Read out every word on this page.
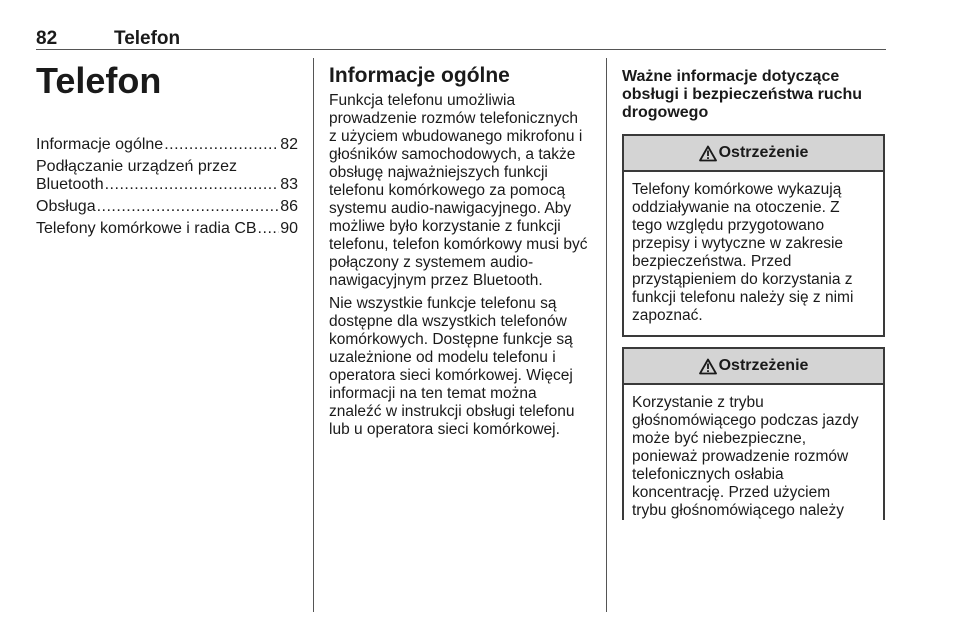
82	Telefon
Telefon
Informacje ogólne .....	82
Podłączanie urządzeń przez
Bluetooth .....	83
Obsługa .....	86
Telefony komórkowe i radia CB ..... 90
Informacje ogólne
Funkcja telefonu umożliwia
prowadzenie rozmów telefonicznych
z użyciem wbudowanego mikrofonu i
głośników samochodowych, a także
obsługę najważniejszych funkcji
telefonu komórkowego za pomocą
systemu audio-nawigacyjnego. Aby
możliwe było korzystanie z funkcji
telefonu, telefon komórkowy musi być
połączony z systemem audio-
nawigacyjnym przez Bluetooth.
Nie wszystkie funkcje telefonu są
dostępne dla wszystkich telefonów
komórkowych. Dostępne funkcje są
uzależnione od modelu telefonu i
operatora sieci komórkowej. Więcej
informacji na ten temat można
znaleźć w instrukcji obsługi telefonu
lub u operatora sieci komórkowej.
Ważne informacje dotyczące
obsługi i bezpieczeństwa ruchu
drogowego
Ostrzeżenie
Telefony komórkowe wykazują
oddziaływanie na otoczenie. Z
tego względu przygotowano
przepisy i wytyczne w zakresie
bezpieczeństwa. Przed
przystąpieniem do korzystania z
funkcji telefonu należy się z nimi
zapoznać.
Ostrzeżenie
Korzystanie z trybu
głośnomówiącego podczas jazdy
może być niebezpieczne,
ponieważ prowadzenie rozmów
telefonicznych osłabia
koncentrację. Przed użyciem
trybu głośnomówiącego należy
